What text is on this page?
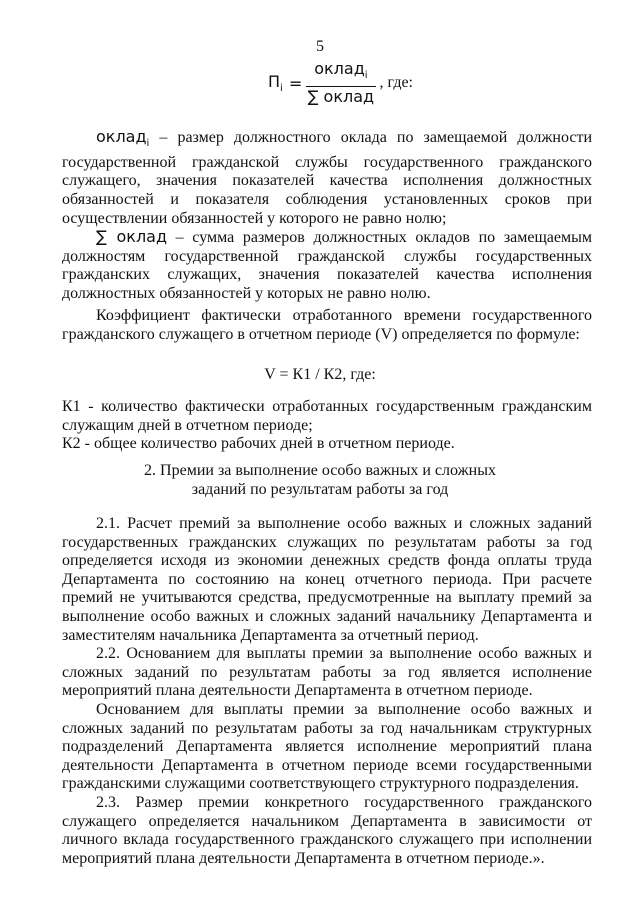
5
$П_i = \frac{оклад_i}{\text{∑ оклад}}$ , где:

оклад$_i$ – размер должностного оклада по замещаемой должности государственной гражданской службы государственного гражданского служащего, значения показателей качества исполнения должностных обязанностей и показателя соблюдения установленных сроков при осуществлении обязанностей у которого не равно нолю;

∑ оклад – сумма размеров должностных окладов по замещаемым должностям государственной гражданской службы государственных гражданских служащих, значения показателей качества исполнения должностных обязанностей у которых не равно нолю.

Коэффициент фактически отработанного времени государственного гражданского служащего в отчетном периоде (V) определяется по формуле:

V = К1 / К2, где:

К1 - количество фактически отработанных государственным гражданским служащим дней в отчетном периоде;

К2 - общее количество рабочих дней в отчетном периоде.

2. Премии за выполнение особо важных и сложных
заданий по результатам работы за год

2.1. Расчет премий за выполнение особо важных и сложных заданий государственных гражданских служащих по результатам работы за год определяется исходя из экономии денежных средств фонда оплаты труда Департамента по состоянию на конец отчетного периода. При расчете премий не учитываются средства, предусмотренные на выплату премий за выполнение особо важных и сложных заданий начальнику Департамента и заместителям начальника Департамента за отчетный период.

2.2. Основанием для выплаты премии за выполнение особо важных и сложных заданий по результатам работы за год является исполнение мероприятий плана деятельности Департамента в отчетном периоде.

Основанием для выплаты премии за выполнение особо важных и сложных заданий по результатам работы за год начальникам структурных подразделений Департамента является исполнение мероприятий плана деятельности Департамента в отчетном периоде всеми государственными гражданскими служащими соответствующего структурного подразделения.

2.3. Размер премии конкретного государственного гражданского служащего определяется начальником Департамента в зависимости от личного вклада государственного гражданского служащего при исполнении мероприятий плана деятельности Департамента в отчетном периоде.».
